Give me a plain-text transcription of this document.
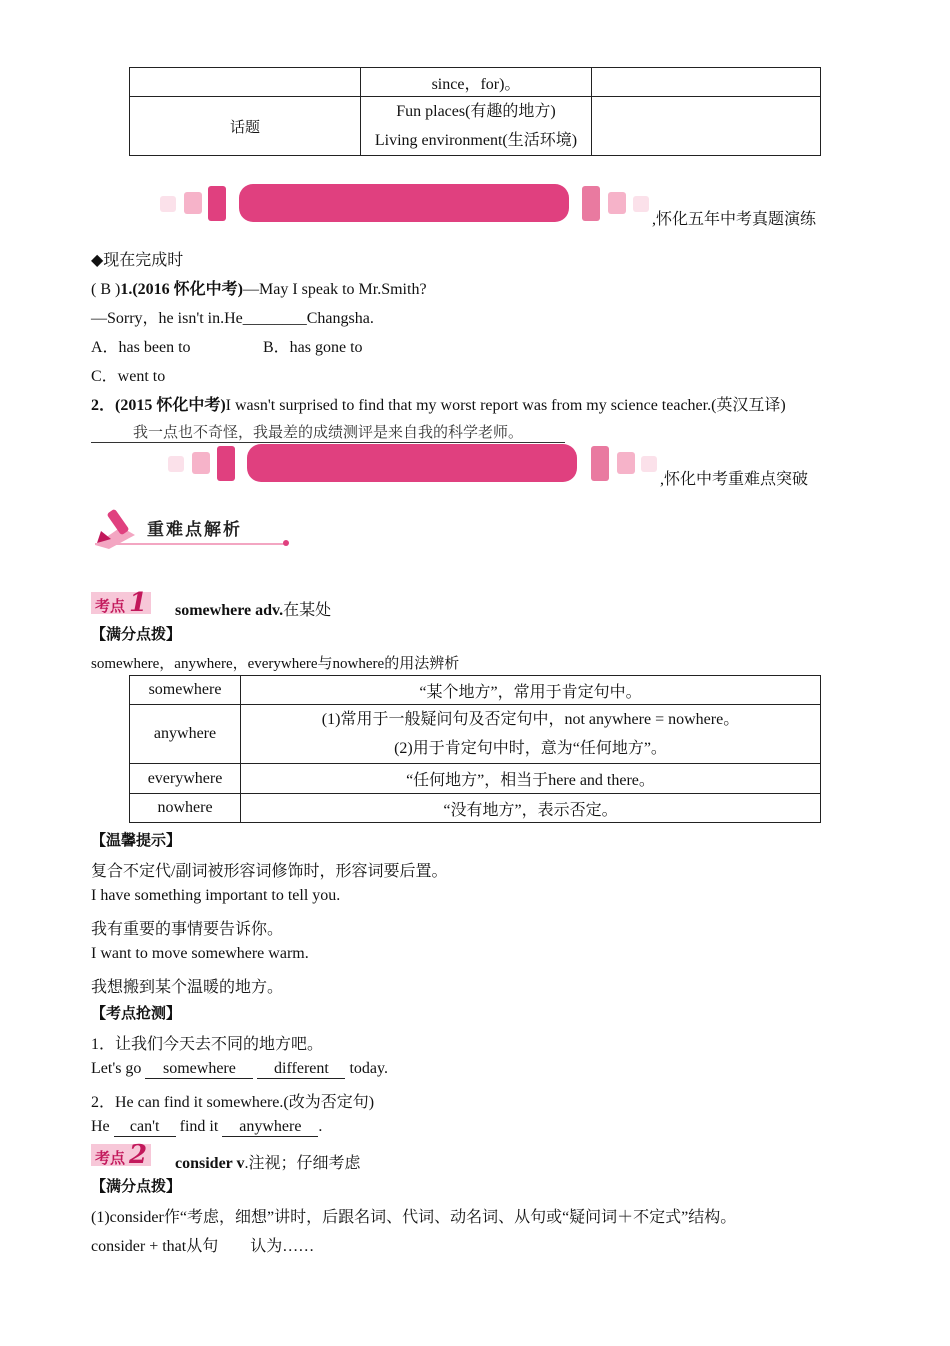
	since，for)。	
话题	Fun places(有趣的地方)
Living environment(生活环境)	

,怀化五年中考真题演练
◆现在完成时
( B )1.(2016 怀化中考)—May I speak to Mr.Smith?
—Sorry，he isn't in.He________Changsha.
A．has been to	B．has gone to
C．went to
2．(2015 怀化中考)I wasn't surprised to find that my worst report was from my science teacher.(英汉互译)
我一点也不奇怪，我最差的成绩测评是来自我的科学老师。
,怀化中考重难点突破
重难点解析
考点 1 somewhere adv.在某处
【满分点拨】
somewhere，anywhere，everywhere与nowhere的用法辨析
somewhere	“某个地方”，常用于肯定句中。
anywhere	(1)常用于一般疑问句及否定句中，not anywhere = nowhere。
(2)用于肯定句中时，意为“任何地方”。

everywhere	“任何地方”，相当于here and there。
nowhere	“没有地方”，表示否定。
【温馨提示】
复合不定代/副词被形容词修饰时，形容词要后置。
I have something important to tell you.
我有重要的事情要告诉你。
I want to move somewhere warm.
我想搬到某个温暖的地方。
【考点抢测】
1．让我们今天去不同的地方吧。
Let's go somewhere different today.
2．He can find it somewhere.(改为否定句)
He can't find it anywhere .
考点 2 consider v.注视；仔细考虑
【满分点拨】
(1)consider作“考虑，细想”讲时，后跟名词、代词、动名词、从句或“疑问词＋不定式”结构。
consider + that从句　　认为……
